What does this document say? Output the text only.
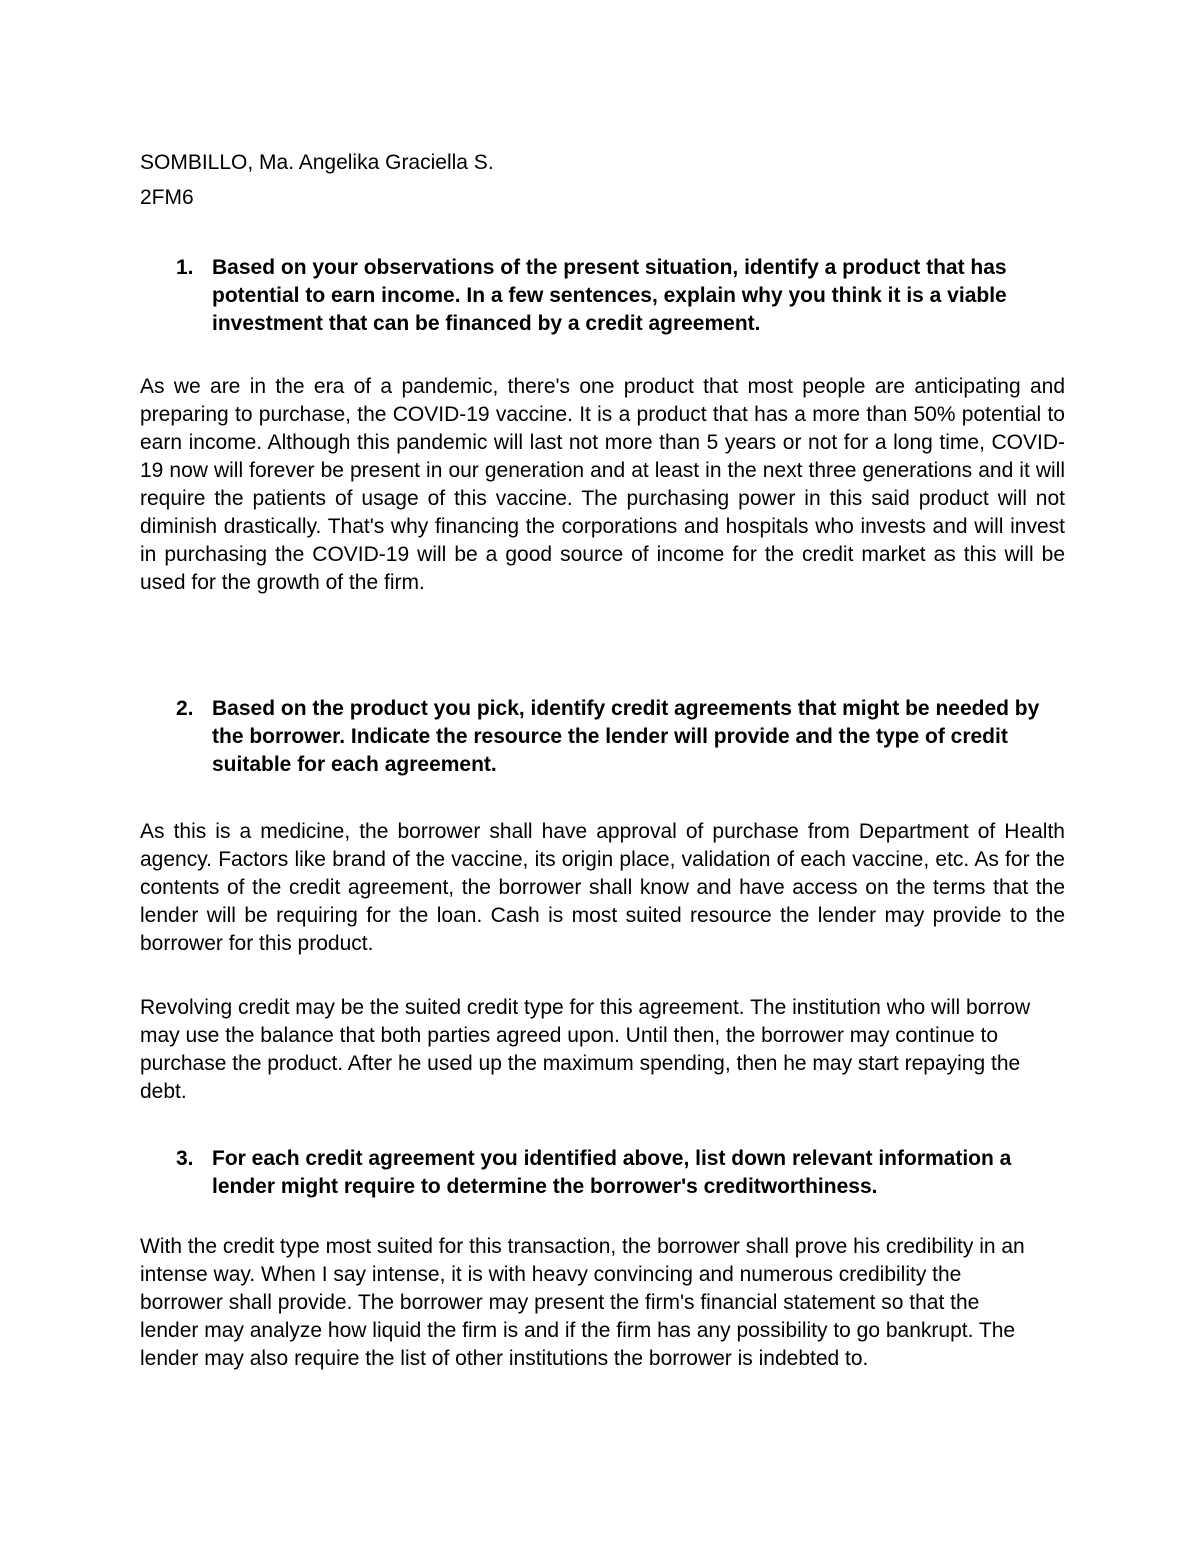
SOMBILLO, Ma. Angelika Graciella S.

2FM6

1. Based on your observations of the present situation, identify a product that has potential to earn income. In a few sentences, explain why you think it is a viable investment that can be financed by a credit agreement.

As we are in the era of a pandemic, there's one product that most people are anticipating and preparing to purchase, the COVID-19 vaccine. It is a product that has a more than 50% potential to earn income. Although this pandemic will last not more than 5 years or not for a long time, COVID-19 now will forever be present in our generation and at least in the next three generations and it will require the patients of usage of this vaccine. The purchasing power in this said product will not diminish drastically. That's why financing the corporations and hospitals who invests and will invest in purchasing the COVID-19 will be a good source of income for the credit market as this will be used for the growth of the firm.

2. Based on the product you pick, identify credit agreements that might be needed by the borrower. Indicate the resource the lender will provide and the type of credit suitable for each agreement.

As this is a medicine, the borrower shall have approval of purchase from Department of Health agency. Factors like brand of the vaccine, its origin place, validation of each vaccine, etc. As for the contents of the credit agreement, the borrower shall know and have access on the terms that the lender will be requiring for the loan. Cash is most suited resource the lender may provide to the borrower for this product.

Revolving credit may be the suited credit type for this agreement. The institution who will borrow may use the balance that both parties agreed upon. Until then, the borrower may continue to purchase the product. After he used up the maximum spending, then he may start repaying the debt.

3. For each credit agreement you identified above, list down relevant information a lender might require to determine the borrower's creditworthiness.

With the credit type most suited for this transaction, the borrower shall prove his credibility in an intense way. When I say intense, it is with heavy convincing and numerous credibility the borrower shall provide. The borrower may present the firm's financial statement so that the lender may analyze how liquid the firm is and if the firm has any possibility to go bankrupt. The lender may also require the list of other institutions the borrower is indebted to.
